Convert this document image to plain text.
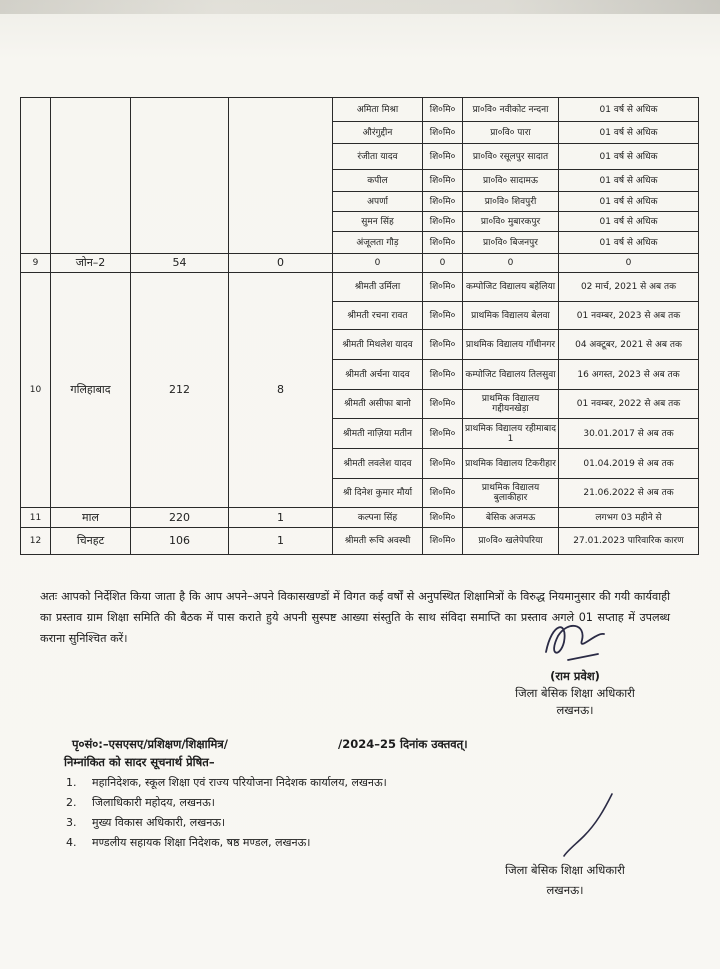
				अमिता मिश्रा	शि०मि०	प्रा०वि० नवीकोट नन्दना	01 वर्ष से अधिक
				औरंगुद्दीन	शि०मि०	प्रा०वि० पारा	01 वर्ष से अधिक
				रंजीता यादव	शि०मि०	प्रा०वि० रसूलपुर सादात	01 वर्ष से अधिक
				कपील	शि०मि०	प्रा०वि० सादामऊ	01 वर्ष से अधिक
				अपर्णा	शि०मि०	प्रा०वि० शिवपुरी	01 वर्ष से अधिक
				सुमन सिंह	शि०मि०	प्रा०वि० मुबारकपुर	01 वर्ष से अधिक
				अंजूलता गौड़	शि०मि०	प्रा०वि० बिजनपुर	01 वर्ष से अधिक
9	जोन–2	54	0	0	0	0	0
10	गलिहाबाद	212	8	श्रीमती उर्मिला	शि०मि०	कम्पोजिट विद्यालय बहेलिया	02 मार्च, 2021 से अब तक
				श्रीमती रचना रावत	शि०मि०	प्राथमिक विद्यालय बेलवा	01 नवम्बर, 2023 से अब तक
				श्रीमती मिथलेश यादव	शि०मि०	प्राथमिक विद्यालय गाँधीनगर	04 अक्टूबर, 2021 से अब तक
				श्रीमती अर्चना यादव	शि०मि०	कम्पोजिट विद्यालय तिलसुवा	16 अगस्त, 2023 से अब तक
				श्रीमती असीफा बानो	शि०मि०	प्राथमिक विद्यालय गद्दीयनखेड़ा	01 नवम्बर, 2022 से अब तक
				श्रीमती नाज़िया मतीन	शि०मि०	प्राथमिक विद्यालय रहीमाबाद 1	30.01.2017 से अब तक
				श्रीमती लवलेश यादव	शि०मि०	प्राथमिक विद्यालय टिकरीहार	01.04.2019 से अब तक
				श्री दिनेश कुमार मौर्या	शि०मि०	प्राथमिक विद्यालय बुलाकीहार	21.06.2022 से अब तक
11	माल	220	1	कल्पना सिंह	शि०मि०	बेसिक अजमऊ	लगभग 03 महीने से
12	चिनहट	106	1	श्रीमती रूचि अवस्थी	शि०मि०	प्रा०वि० खलेपेपरिया	27.01.2023 पारिवारिक कारण
अतः आपको निर्देशित किया जाता है कि आप अपने–अपने विकासखण्डों में विगत कई वर्षों से अनुपस्थित शिक्षामित्रों के विरुद्ध नियमानुसार की गयी कार्यवाही का प्रस्ताव ग्राम शिक्षा समिति की बैठक में पास कराते हुये अपनी सुस्पष्ट आख्या संस्तुति के साथ संविदा समाप्ति का प्रस्ताव अगले 01 सप्ताह में उपलब्ध कराना सुनिश्चित करें।
(राम प्रवेश)
जिला बेसिक शिक्षा अधिकारी
लखनऊ।
पृ०सं०:–एसएसए/प्रशिक्षण/शिक्षामित्र/	/2024–25 दिनांक उक्तवत्।
निम्नांकित को सादर सूचनार्थ प्रेषित–
1. महानिदेशक, स्कूल शिक्षा एवं राज्य परियोजना निदेशक कार्यालय, लखनऊ।
2. जिलाधिकारी महोदय, लखनऊ।
3. मुख्य विकास अधिकारी, लखनऊ।
4. मण्डलीय सहायक शिक्षा निदेशक, षष्ठ मण्डल, लखनऊ।
जिला बेसिक शिक्षा अधिकारी
लखनऊ।
